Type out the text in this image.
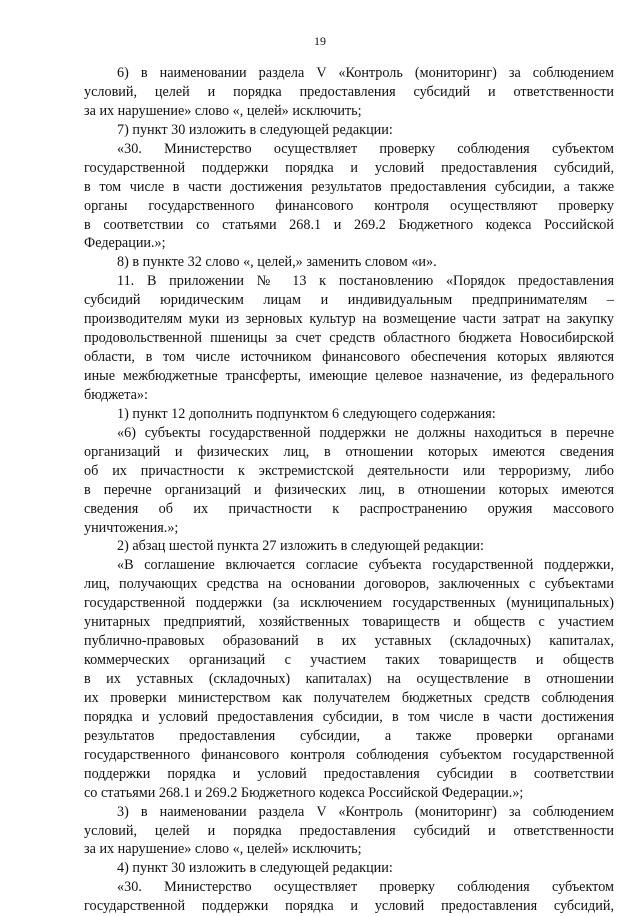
19
6) в наименовании раздела V «Контроль (мониторинг) за соблюдением
условий, целей и порядка предоставления субсидий и ответственности
за их нарушение» слово «, целей» исключить;
7) пункт 30 изложить в следующей редакции:
«30. Министерство осуществляет проверку соблюдения субъектом
государственной поддержки порядка и условий предоставления субсидий,
в том числе в части достижения результатов предоставления субсидии, а также
органы государственного финансового контроля осуществляют проверку
в соответствии со статьями 268.1 и 269.2 Бюджетного кодекса Российской
Федерации.»;
8) в пункте 32 слово «, целей,» заменить словом «и».
11. В приложении № 13 к постановлению «Порядок предоставления
субсидий юридическим лицам и индивидуальным предпринимателям –
производителям муки из зерновых культур на возмещение части затрат на закупку
продовольственной пшеницы за счет средств областного бюджета Новосибирской
области, в том числе источником финансового обеспечения которых являются
иные межбюджетные трансферты, имеющие целевое назначение, из федерального
бюджета»:
1) пункт 12 дополнить подпунктом 6 следующего содержания:
«6) субъекты государственной поддержки не должны находиться в перечне
организаций и физических лиц, в отношении которых имеются сведения
об их причастности к экстремистской деятельности или терроризму, либо
в перечне организаций и физических лиц, в отношении которых имеются
сведения об их причастности к распространению оружия массового
уничтожения.»;
2) абзац шестой пункта 27 изложить в следующей редакции:
«В соглашение включается согласие субъекта государственной поддержки,
лиц, получающих средства на основании договоров, заключенных с субъектами
государственной поддержки (за исключением государственных (муниципальных)
унитарных предприятий, хозяйственных товариществ и обществ с участием
публично-правовых образований в их уставных (складочных) капиталах,
коммерческих организаций с участием таких товариществ и обществ
в их уставных (складочных) капиталах) на осуществление в отношении
их проверки министерством как получателем бюджетных средств соблюдения
порядка и условий предоставления субсидии, в том числе в части достижения
результатов предоставления субсидии, а также проверки органами
государственного финансового контроля соблюдения субъектом государственной
поддержки порядка и условий предоставления субсидии в соответствии
со статьями 268.1 и 269.2 Бюджетного кодекса Российской Федерации.»;
3) в наименовании раздела V «Контроль (мониторинг) за соблюдением
условий, целей и порядка предоставления субсидий и ответственности
за их нарушение» слово «, целей» исключить;
4) пункт 30 изложить в следующей редакции:
«30. Министерство осуществляет проверку соблюдения субъектом
государственной поддержки порядка и условий предоставления субсидий,
